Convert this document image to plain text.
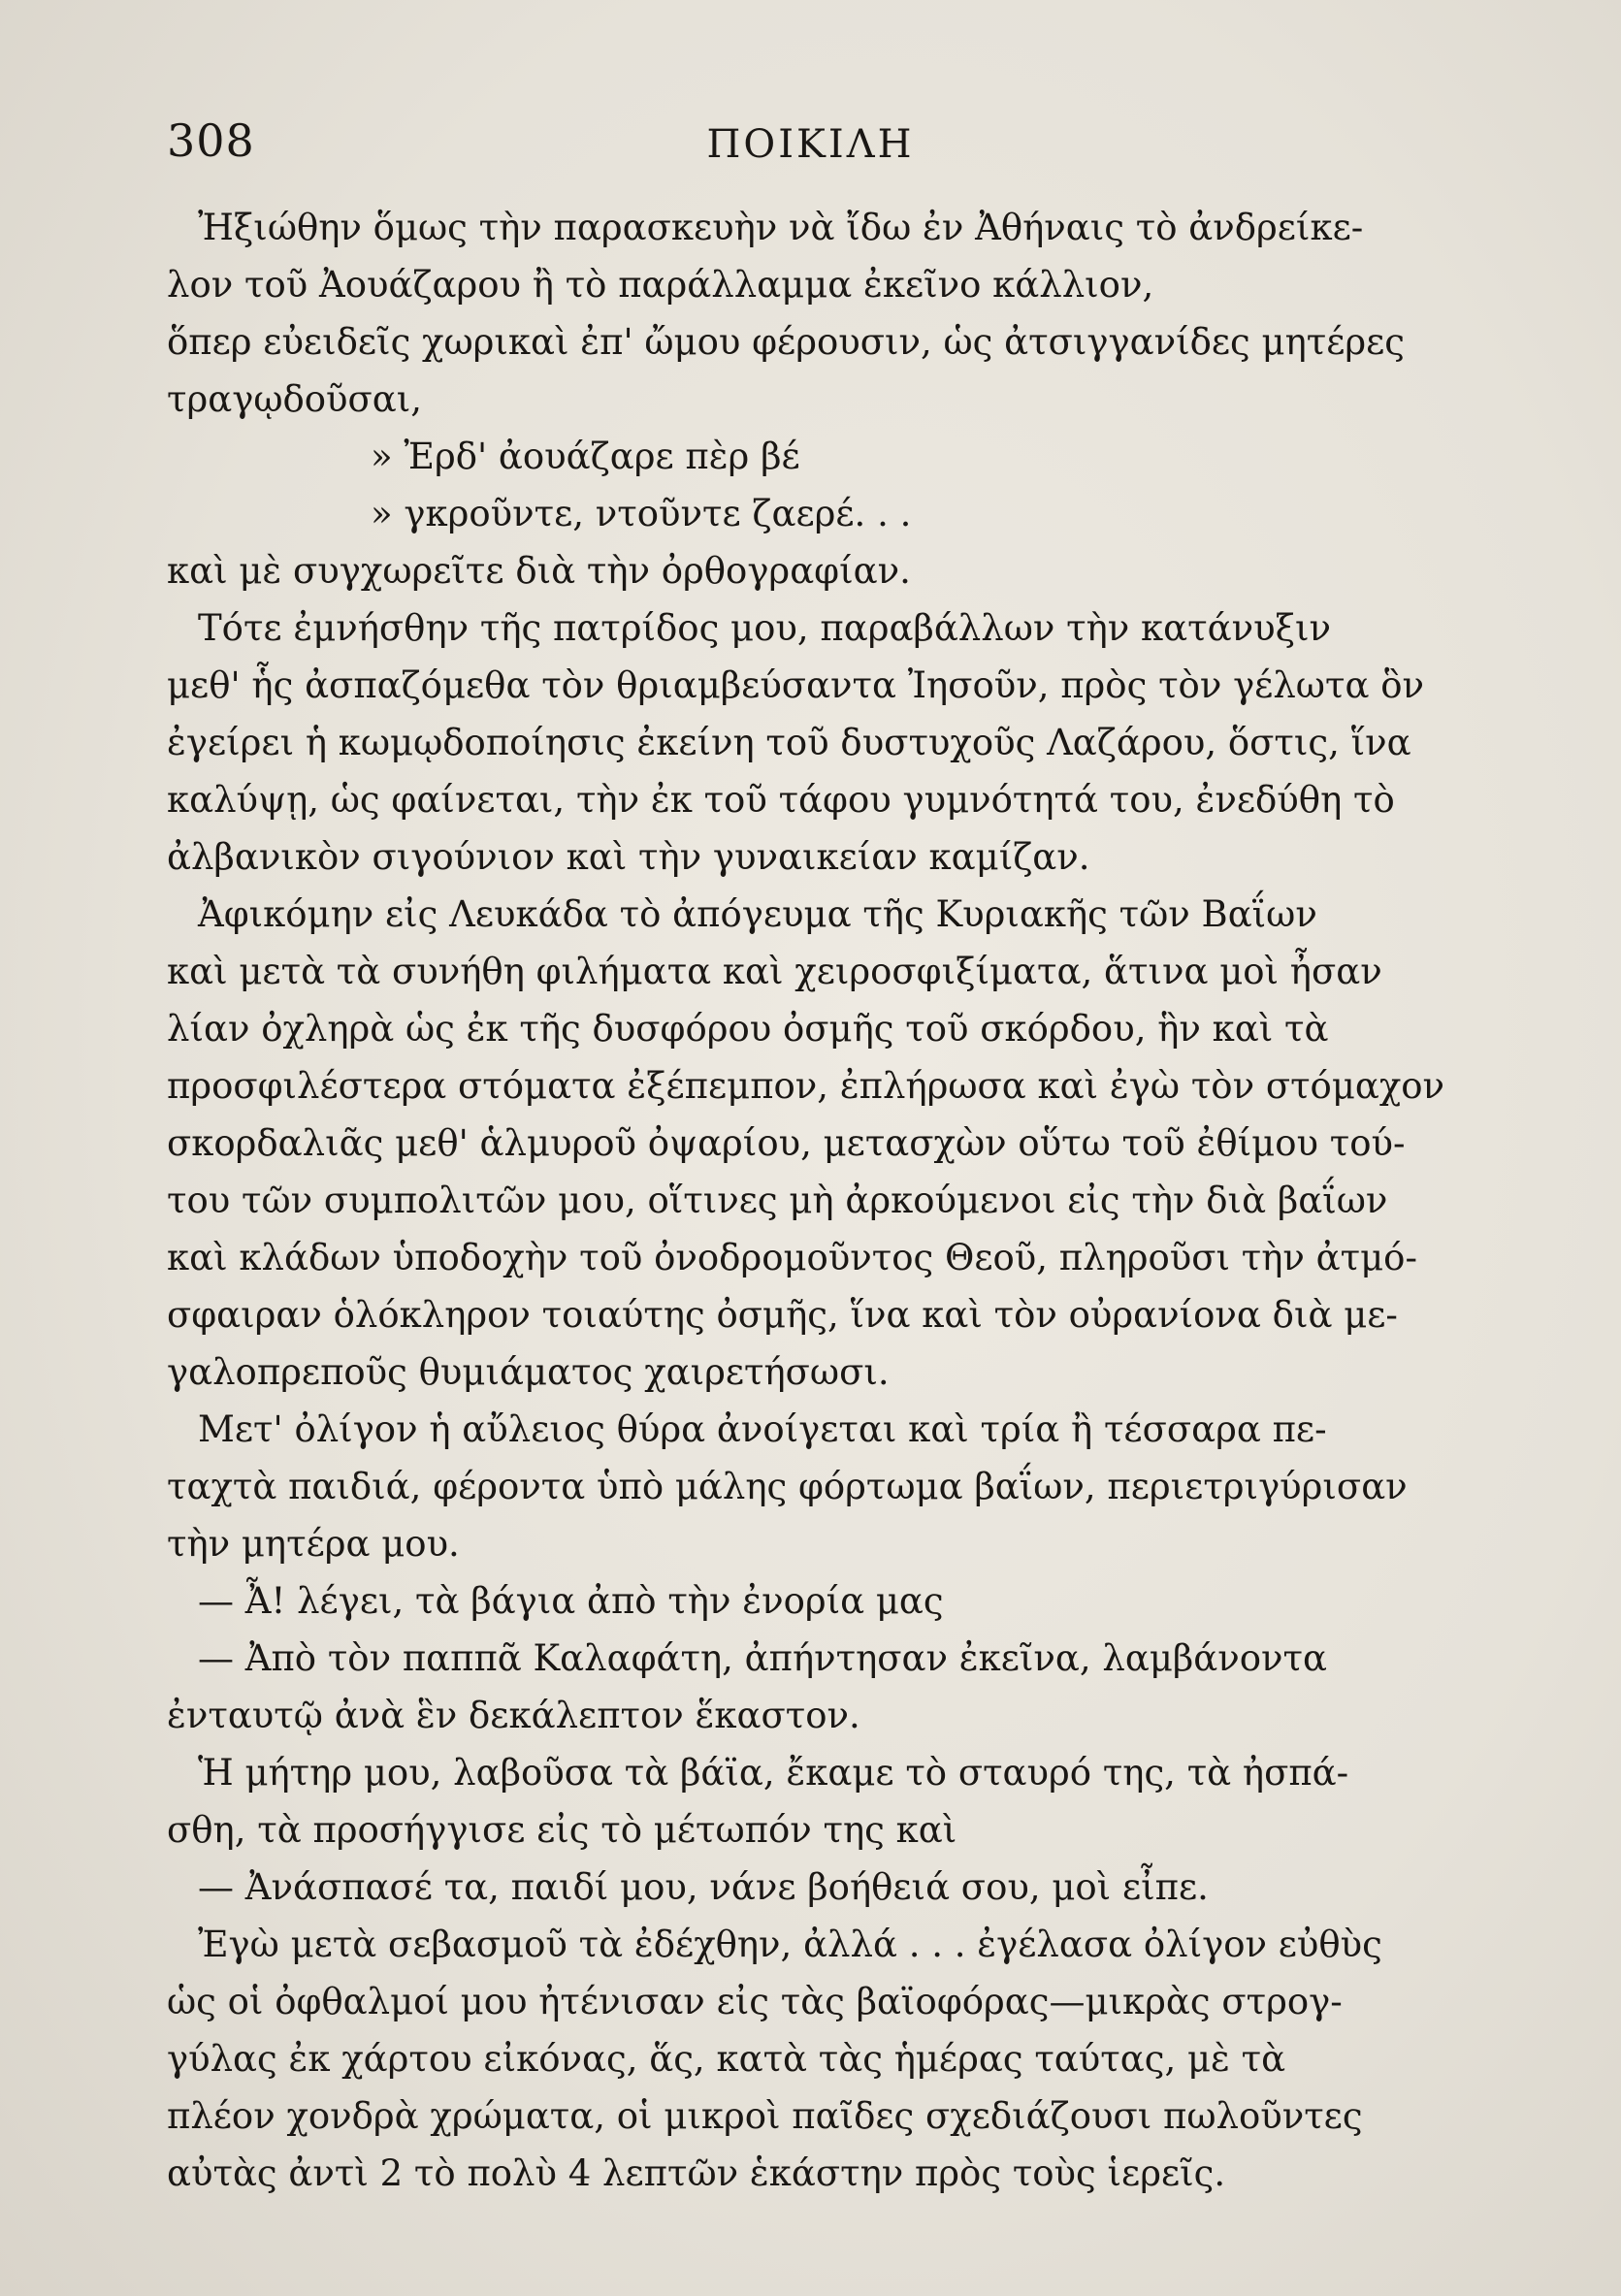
308	ΠΟΙΚΙΛΗ
Ἠξιώθην ὅμως τὴν παρασκευὴν νὰ ἴδω ἐν Ἀθήναις τὸ ἀνδρείκε-
λον τοῦ Ἀουάζαρου ἢ τὸ παράλλαμμα ἐκεῖνο κάλλιον,
ὅπερ εὐειδεῖς χωρικαὶ ἐπ' ὤμου φέρουσιν, ὡς ἀτσιγγανίδες μητέρες
τραγῳδοῦσαι,
» Ἐρδ' ἀουάζαρε πὲρ βέ
» γκροῦντε, ντοῦντε ζαερέ. . .
καὶ μὲ συγχωρεῖτε διὰ τὴν ὀρθογραφίαν.
Τότε ἐμνήσθην τῆς πατρίδος μου, παραβάλλων τὴν κατάνυξιν
μεθ' ἧς ἀσπαζόμεθα τὸν θριαμβεύσαντα Ἰησοῦν, πρὸς τὸν γέλωτα ὃν
ἐγείρει ἡ κωμῳδοποίησις ἐκείνη τοῦ δυστυχοῦς Λαζάρου, ὅστις, ἵνα
καλύψῃ, ὡς φαίνεται, τὴν ἐκ τοῦ τάφου γυμνότητά του, ἐνεδύθη τὸ
ἀλβανικὸν σιγούνιον καὶ τὴν γυναικείαν καμίζαν.
Ἀφικόμην εἰς Λευκάδα τὸ ἀπόγευμα τῆς Κυριακῆς τῶν Βαΐων
καὶ μετὰ τὰ συνήθη φιλήματα καὶ χειροσφιξίματα, ἅτινα μοὶ ἦσαν
λίαν ὀχληρὰ ὡς ἐκ τῆς δυσφόρου ὀσμῆς τοῦ σκόρδου, ἣν καὶ τὰ
προσφιλέστερα στόματα ἐξέπεμπον, ἐπλήρωσα καὶ ἐγὼ τὸν στόμαχον
σκορδαλιᾶς μεθ' ἁλμυροῦ ὀψαρίου, μετασχὼν οὕτω τοῦ ἐθίμου τού-
του τῶν συμπολιτῶν μου, οἵτινες μὴ ἀρκούμενοι εἰς τὴν διὰ βαΐων
καὶ κλάδων ὑποδοχὴν τοῦ ὀνοδρομοῦντος Θεοῦ, πληροῦσι τὴν ἀτμό-
σφαιραν ὁλόκληρον τοιαύτης ὀσμῆς, ἵνα καὶ τὸν οὐρανίονα διὰ με-
γαλοπρεποῦς θυμιάματος χαιρετήσωσι.
Μετ' ὀλίγον ἡ αὔλειος θύρα ἀνοίγεται καὶ τρία ἢ τέσσαρα πε-
ταχτὰ παιδιά, φέροντα ὑπὸ μάλης φόρτωμα βαΐων, περιετριγύρισαν
τὴν μητέρα μου.
— Ἆ! λέγει, τὰ βάγια ἀπὸ τὴν ἐνορία μας
— Ἀπὸ τὸν παππᾶ Καλαφάτη, ἀπήντησαν ἐκεῖνα, λαμβάνοντα
ἐνταυτῷ ἀνὰ ἓν δεκάλεπτον ἕκαστον.
Ἡ μήτηρ μου, λαβοῦσα τὰ βάϊα, ἔκαμε τὸ σταυρό της, τὰ ἠσπά-
σθη, τὰ προσήγγισε εἰς τὸ μέτωπόν της καὶ
— Ἀνάσπασέ τα, παιδί μου, νάνε βοήθειά σου, μοὶ εἶπε.
Ἐγὼ μετὰ σεβασμοῦ τὰ ἐδέχθην, ἀλλά . . . ἐγέλασα ὀλίγον εὐθὺς
ὡς οἱ ὀφθαλμοί μου ἠτένισαν εἰς τὰς βαϊοφόρας—μικρὰς στρογ-
γύλας ἐκ χάρτου εἰκόνας, ἅς, κατὰ τὰς ἡμέρας ταύτας, μὲ τὰ
πλέον χονδρὰ χρώματα, οἱ μικροὶ παῖδες σχεδιάζουσι πωλοῦντες
αὐτὰς ἀντὶ 2 τὸ πολὺ 4 λεπτῶν ἑκάστην πρὸς τοὺς ἱερεῖς.
